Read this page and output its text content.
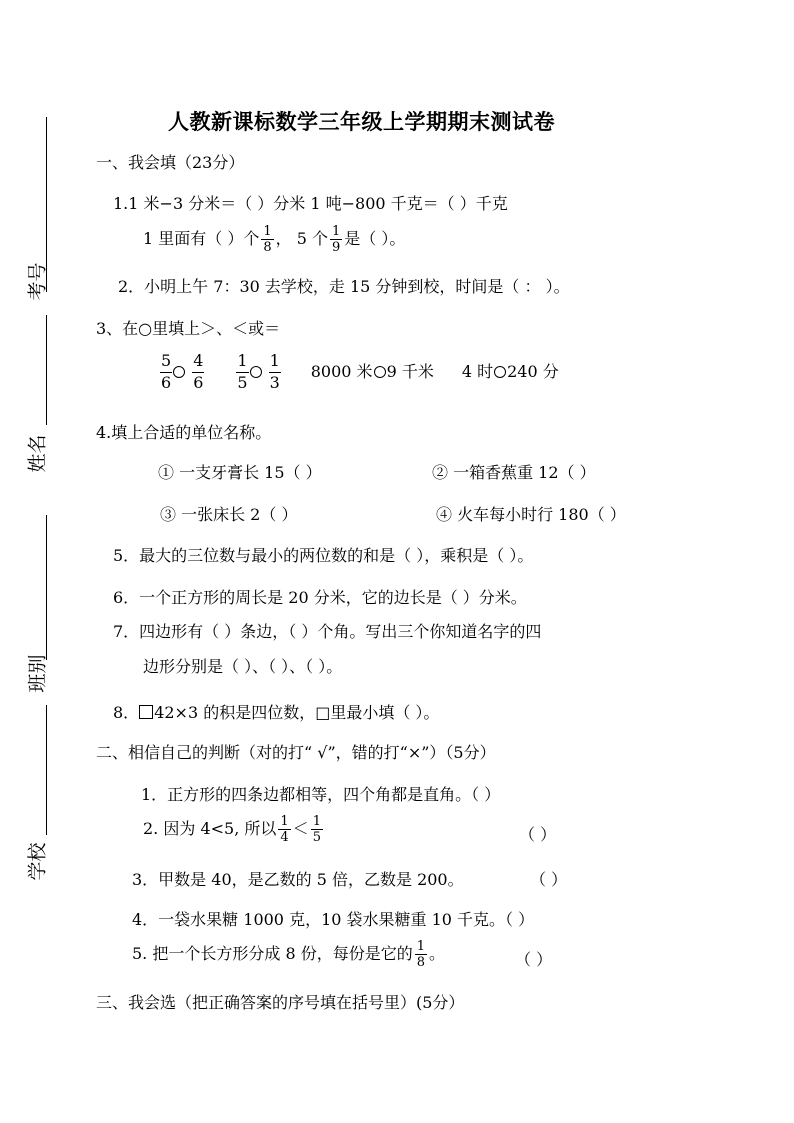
考号
姓名
班别
学校
人教新课标数学三年级上学期期末测试卷
一、我会填（23分）
1.1 米−3 分米＝（ ）分米 1 吨−800 千克＝（ ）千克
1 里面有（ ）个 $\frac{1}{8}$ ， 5 个 $\frac{1}{9}$ 是（ ）。
2．小明上午 7：30 去学校，走 15 分钟到校，时间是（ ： ）。
3、在○里填上＞、＜或＝
$\frac{5}{6} \frac{4}{6} \frac{1}{5} \frac{1}{3} 8000$ 米 9 千米 4 时 240 分
4.填上合适的单位名称。
① 一支牙膏长 15（ ）	② 一箱香蕉重 12（ ）
③ 一张床长 2（ ）	④ 火车每小时行 180（ ）
5．最大的三位数与最小的两位数的和是（ ），乘积是（ ）。
6．一个正方形的周长是 20 分米，它的边长是（ ）分米。
7．四边形有（ ）条边，（ ）个角。写出三个你知道名字的四
边形分别是（ ）、（ ）、（ ）。
8． 42×3 的积是四位数，□里最小填（ ）。
二、相信自己的判断（对的打“ √”，错的打“×”）（5分）
1．正方形的四条边都相等，四个角都是直角。（ ）
2. 因为 4<5, 所以 $\frac{1}{4} < \frac{1}{5}$	（ ）
3．甲数是 40，是乙数的 5 倍，乙数是 200。	（ ）
4．一袋水果糖 1000 克，10 袋水果糖重 10 千克。（ ）
5. 把一个长方形分成 8 份，每份是它的 $\frac{1}{8}$ 。	（ ）
三、我会选（把正确答案的序号填在括号里）(5分）
